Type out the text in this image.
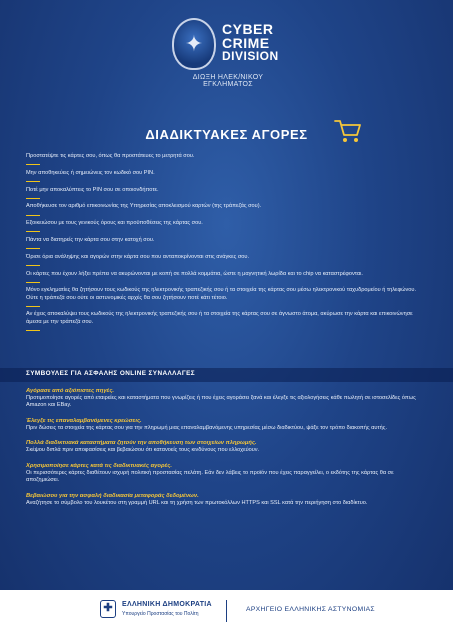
✦
CYBER
CRIME
DIVISION
ΔΙΩΞΗ ΗΛΕΚ/ΝΙΚΟΥ ΕΓΚΛΗΜΑΤΟΣ
ΔΙΑΔΙΚΤΥΑΚΕΣ ΑΓΟΡΕΣ
Προστατέψτε τις κάρτες σου, όπως θα προστάτευες το μετρητά σου.
Μην αποθηκεύεις ή σημειώνεις τον κωδικό σου PIN.
Ποτέ μην αποκαλύπτεις το PIN σου σε οποιονδήποτε.
Αποθήκευσε τον αριθμό επικοινωνίας της Υπηρεσίας αποκλεισμού καρτών (της τράπεζάς σου).
Εξοικειώσου με τους γενικούς όρους και προϋποθέσεις της κάρτας σου.
Πάντα να διατηρείς την κάρτα σου στην κατοχή σου.
Όρισε όρια ανάληψης και αγορών στην κάρτα σου που ανταποκρίνονται στις ανάγκες σου.
Οι κάρτες που έχουν λήξει πρέπει να ακυρώνονται με κοπή σε πολλά κομμάτια, ώστε η μαγνητική λωρίδα και το chip να καταστρέφονται.
Μόνο εγκληματίες θα ζητήσουν τους κωδικούς της ηλεκτρονικής τραπεζικής σου ή τα στοιχεία της κάρτας σου μέσω ηλεκτρονικού ταχυδρομείου ή τηλεφώνου. Ούτε η τράπεζά σου ούτε οι αστυνομικές αρχές θα σου ζητήσουν ποτέ κάτι τέτοιο.
Αν έχεις αποκαλύψει τους κωδικούς της ηλεκτρονικής τραπεζικής σου ή τα στοιχεία της κάρτας σου σε άγνωστο άτομα, ακύρωσε την κάρτα και επικοινώνησε άμεσα με την τράπεζά σου.
ΣΥΜΒΟΥΛΕΣ ΓΙΑ ΑΣΦΑΛΗΣ ONLINE ΣΥΝΑΛΛΑΓΕΣ
Αγόρασε από αξιόπιστες πηγές.
Προτιμοποίησε αγορές από εταιρείες και καταστήματα που γνωρίζεις ή που έχεις αγοράσει ξανά και έλεγξε τις αξιολογήσεις κάθε πωλητή σε ιστοσελίδες όπως Amazon και EBay.
Έλεγξε τις επαναλαμβανόμενες κρεώσεις.
Πριν δώσεις τα στοιχεία της κάρτας σου για την πληρωμή μιας επαναλαμβανόμενης υπηρεσίας μέσω διαδικτύου, ψάξε τον τρόπο διακοπής αυτής.
Πολλά διαδικτυακά καταστήματα ζητούν την αποθήκευση των στοιχείων πληρωμής.
Σκέψου διπλά πριν αποφασίσεις και βεβαιώσου ότι κατανοείς τους κινδύνους που ελλοχεύουν.
Χρησιμοποίησε κάρτες κατά τις διαδικτυακές αγορές.
Οι περισσότερες κάρτες διαθέτουν ισχυρή πολιτική προστασίας πελάτη. Εάν δεν λάβεις το προϊόν που έχεις παραγγείλει, ο εκδότης της κάρτας θα σε αποζημιώσει.
Βεβαιώσου για την ασφαλή διαδικασία μεταφοράς δεδομένων.
Αναζήτησε το σύμβολο του λουκέτου στη γραμμή URL και τη χρήση των πρωτοκόλλων HTTPS και SSL κατά την περιήγηση στο διαδίκτυο.
✚	ΕΛΛΗΝΙΚΗ ΔΗΜΟΚΡΑΤΙΑ
Υπουργείο Προστασίας του Πολίτη
ΑΡΧΗΓΕΙΟ ΕΛΛΗΝΙΚΗΣ ΑΣΤΥΝΟΜΙΑΣ
